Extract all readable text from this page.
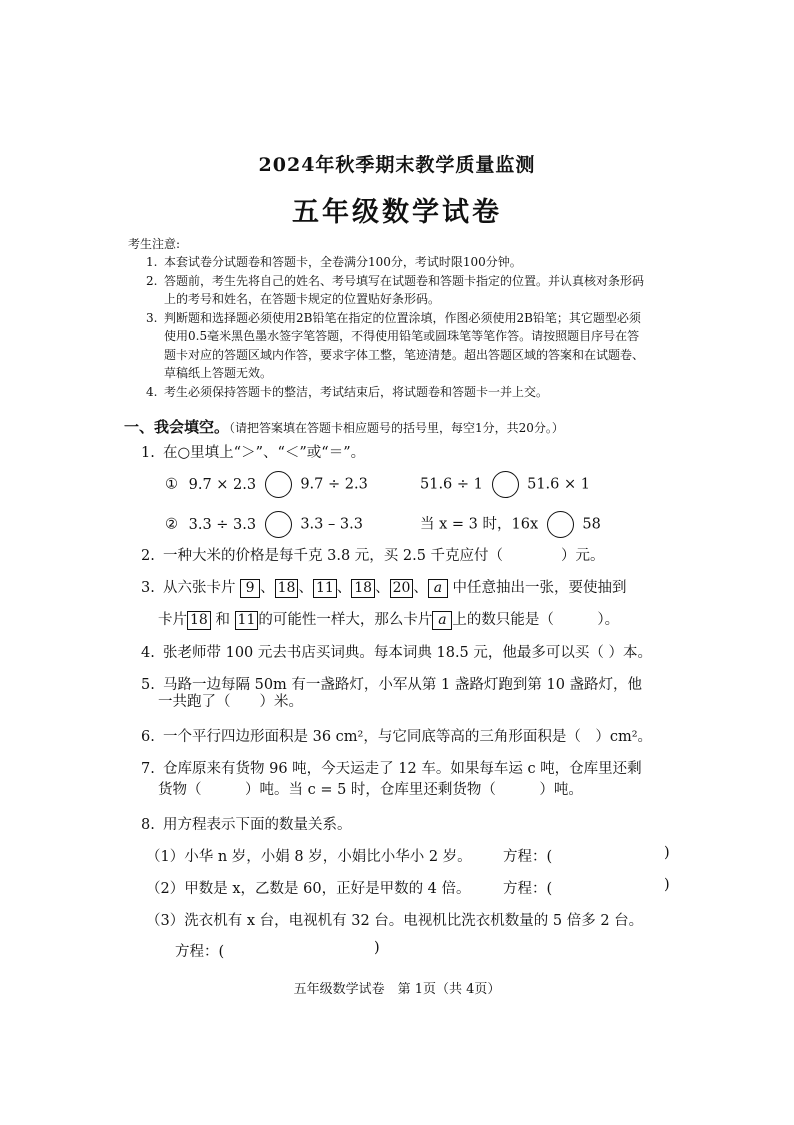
2024年秋季期末教学质量监测
五年级数学试卷
考生注意:
1. 本套试卷分试题卷和答题卡，全卷满分100分，考试时限100分钟。
2. 答题前，考生先将自己的姓名、考号填写在试题卷和答题卡指定的位置。并认真核对条形码上的考号和姓名，在答题卡规定的位置贴好条形码。
3. 判断题和选择题必须使用2B铅笔在指定的位置涂填，作图必须使用2B铅笔；其它题型必须使用0.5毫米黑色墨水签字笔答题，不得使用铅笔或圆珠笔等笔作答。请按照题目序号在答题卡对应的答题区域内作答，要求字体工整，笔迹清楚。超出答题区域的答案和在试题卷、草稿纸上答题无效。
4. 考生必须保持答题卡的整洁，考试结束后，将试题卷和答题卡一并上交。
一、我会填空。（请把答案填在答题卡相应题号的括号里，每空1分，共20分。）
1. 在○里填上“＞”、“＜”或“＝”。
① 9.7 × 2.3	9.7 ÷ 2.3	51.6 ÷ 1	51.6 × 1
② 3.3 ÷ 3.3	3.3 – 3.3	当 x = 3 时，16x	58
2. 一种大米的价格是每千克 3.8 元，买 2.5 千克应付（　　　　）元。
3. 从六张卡片 9 、 18 、 11 、 18 、 20 、 a 中任意抽出一张，要使抽到
卡片 18 和 11 的可能性一样大，那么卡片 a 上的数只能是（　　　）。
4. 张老师带 100 元去书店买词典。每本词典 18.5 元，他最多可以买（ ）本。
5. 马路一边每隔 50m 有一盏路灯，小军从第 1 盏路灯跑到第 10 盏路灯，他
一共跑了（　　）米。
6. 一个平行四边形面积是 36 cm²，与它同底等高的三角形面积是（　）cm²。
7. 仓库原来有货物 96 吨，今天运走了 12 车。如果每车运 c 吨，仓库里还剩
货物（　　　）吨。当 c = 5 时，仓库里还剩货物（　　　）吨。
8. 用方程表示下面的数量关系。
（1）小华 n 岁，小娟 8 岁，小娟比小华小 2 岁。 方程：(	)
（2）甲数是 x，乙数是 60，正好是甲数的 4 倍。 方程：(	)
（3）洗衣机有 x 台，电视机有 32 台。电视机比洗衣机数量的 5 倍多 2 台。
方程：(	)
五年级数学试卷　第 1页（共 4页）
